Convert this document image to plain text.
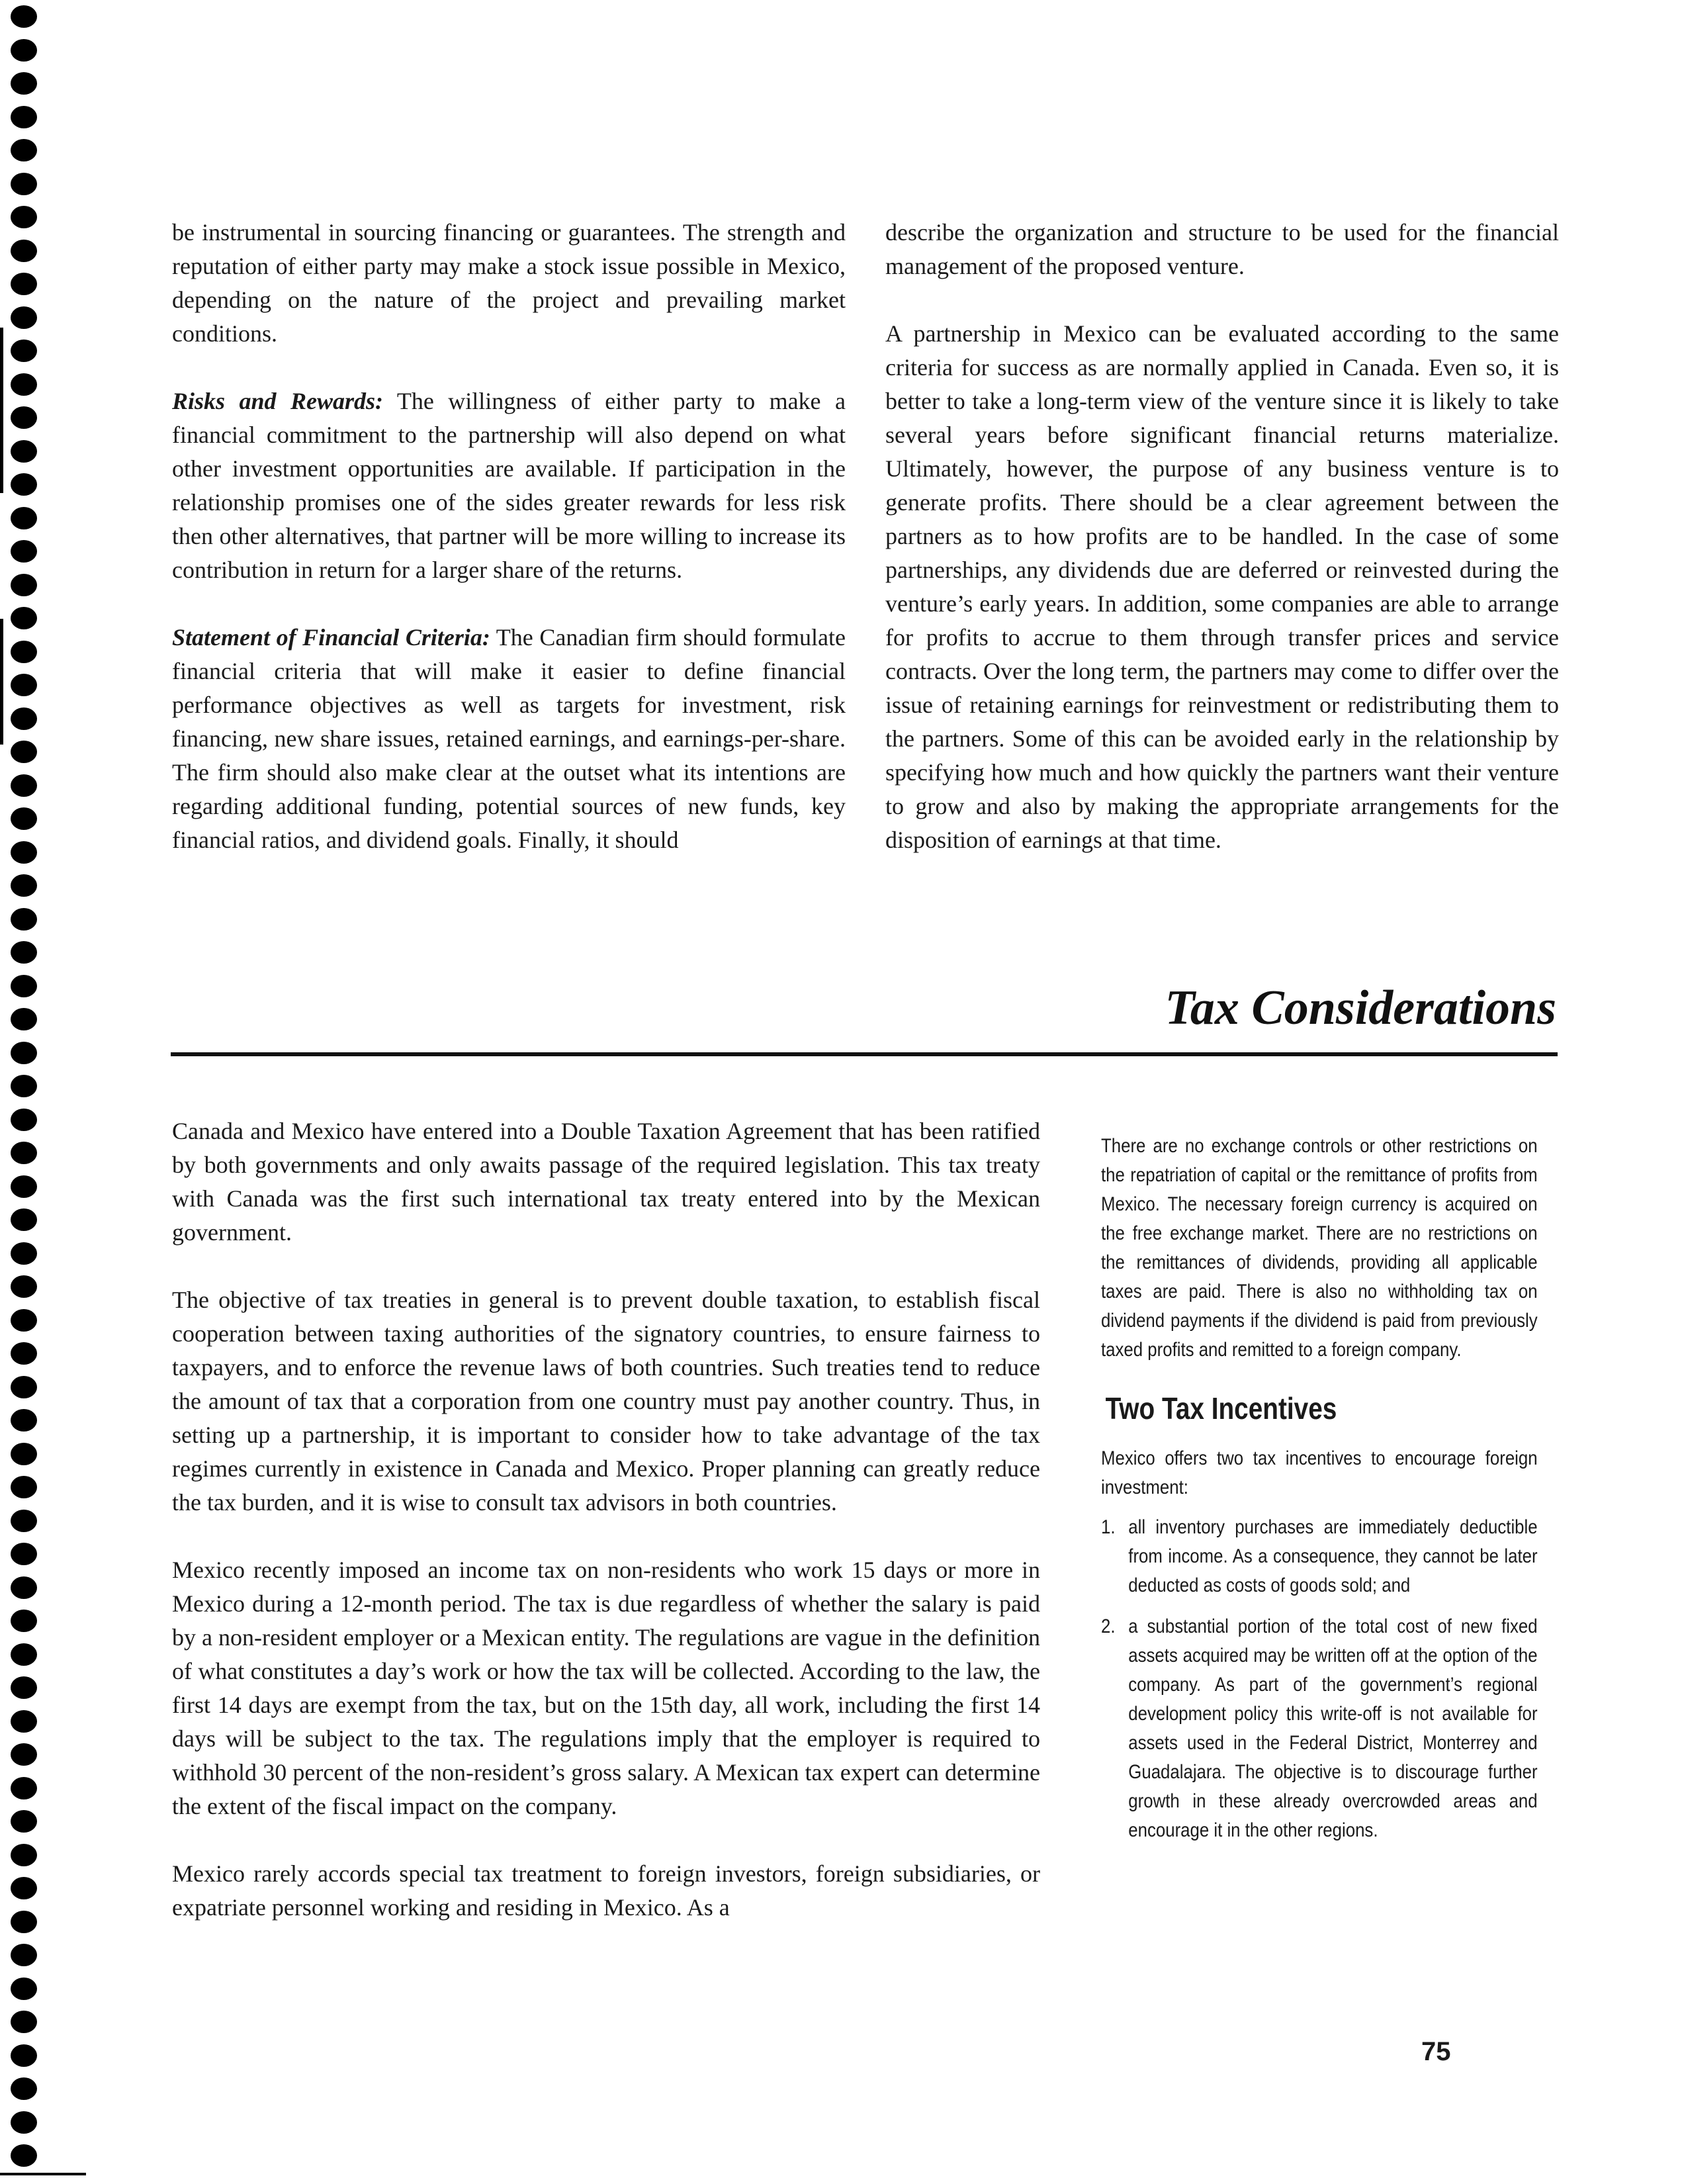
be instrumental in sourcing financing or guarantees. The strength and reputation of either party may make a stock issue possible in Mexico, depending on the nature of the project and prevailing market conditions.

Risks and Rewards: The willingness of either party to make a financial commitment to the partnership will also depend on what other investment opportunities are available. If participation in the relationship promises one of the sides greater rewards for less risk then other alternatives, that partner will be more willing to increase its contribution in return for a larger share of the returns.

Statement of Financial Criteria: The Canadian firm should formulate financial criteria that will make it easier to define financial performance objectives as well as targets for investment, risk financing, new share issues, retained earnings, and earnings-per-share. The firm should also make clear at the outset what its intentions are regarding additional funding, potential sources of new funds, key financial ratios, and dividend goals. Finally, it should

describe the organization and structure to be used for the financial management of the proposed venture.

A partnership in Mexico can be evaluated according to the same criteria for success as are normally applied in Canada. Even so, it is better to take a long-term view of the venture since it is likely to take several years before significant financial returns materialize. Ultimately, however, the purpose of any business venture is to generate profits. There should be a clear agreement between the partners as to how profits are to be handled. In the case of some partnerships, any dividends due are deferred or reinvested during the venture’s early years. In addition, some companies are able to arrange for profits to accrue to them through transfer prices and service contracts. Over the long term, the partners may come to differ over the issue of retaining earnings for reinvestment or redistributing them to the partners. Some of this can be avoided early in the relationship by specifying how much and how quickly the partners want their venture to grow and also by making the appropriate arrangements for the disposition of earnings at that time.

Tax Considerations

Canada and Mexico have entered into a Double Taxation Agreement that has been ratified by both governments and only awaits passage of the required legislation. This tax treaty with Canada was the first such international tax treaty entered into by the Mexican government.

The objective of tax treaties in general is to prevent double taxation, to establish fiscal cooperation between taxing authorities of the signatory countries, to ensure fairness to taxpayers, and to enforce the revenue laws of both countries. Such treaties tend to reduce the amount of tax that a corporation from one country must pay another country. Thus, in setting up a partnership, it is important to consider how to take advantage of the tax regimes currently in existence in Canada and Mexico. Proper planning can greatly reduce the tax burden, and it is wise to consult tax advisors in both countries.

Mexico recently imposed an income tax on non-residents who work 15 days or more in Mexico during a 12-month period. The tax is due regardless of whether the salary is paid by a non-resident employer or a Mexican entity. The regulations are vague in the definition of what constitutes a day’s work or how the tax will be collected. According to the law, the first 14 days are exempt from the tax, but on the 15th day, all work, including the first 14 days will be subject to the tax. The regulations imply that the employer is required to withhold 30 percent of the non-resident’s gross salary. A Mexican tax expert can determine the extent of the fiscal impact on the company.

Mexico rarely accords special tax treatment to foreign investors, foreign subsidiaries, or expatriate personnel working and residing in Mexico. As a

There are no exchange controls or other restrictions on the repatriation of capital or the remittance of profits from Mexico. The necessary foreign currency is acquired on the free exchange market. There are no restrictions on the remittances of dividends, providing all applicable taxes are paid. There is also no withholding tax on dividend payments if the dividend is paid from previously taxed profits and remitted to a foreign company.

Two Tax Incentives

Mexico offers two tax incentives to encourage foreign investment:

1. all inventory purchases are immediately deductible from income. As a consequence, they cannot be later deducted as costs of goods sold; and
2. a substantial portion of the total cost of new fixed assets acquired may be written off at the option of the company. As part of the government’s regional development policy this write-off is not available for assets used in the Federal District, Monterrey and Guadalajara. The objective is to discourage further growth in these already overcrowded areas and encourage it in the other regions.
75
